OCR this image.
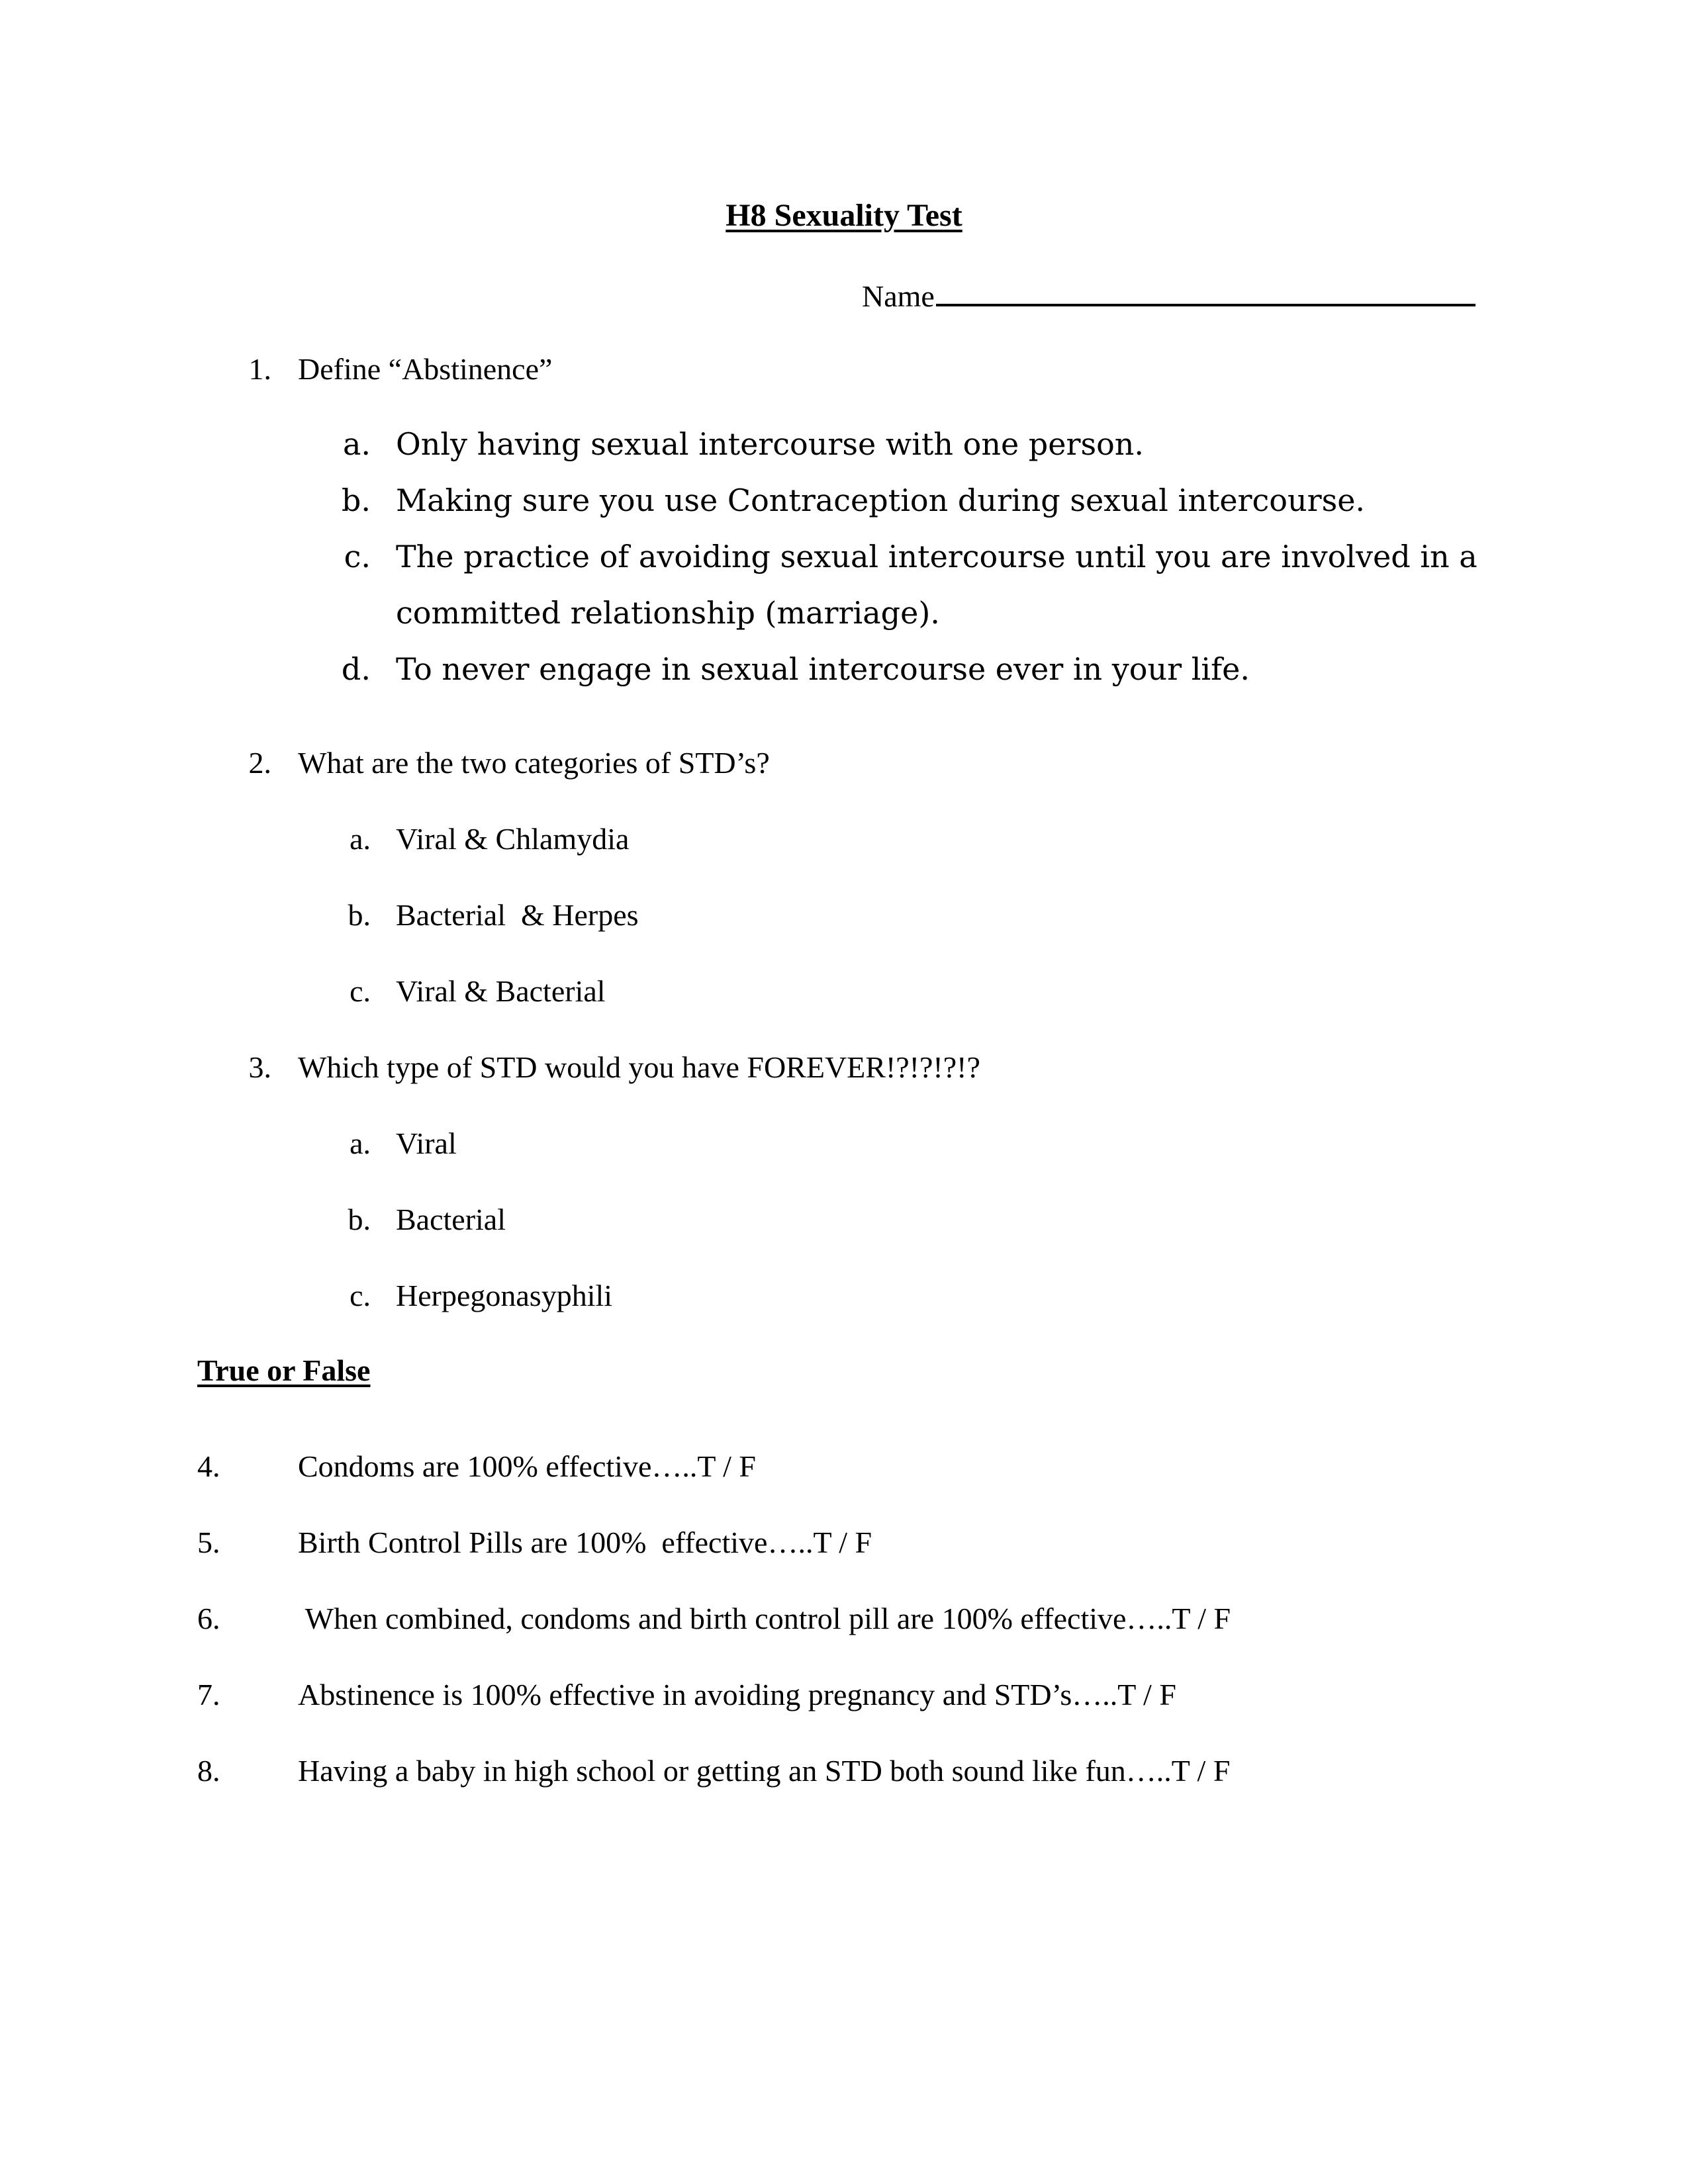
H8 Sexuality Test
Name
1. Define “Abstinence”
a. Only having sexual intercourse with one person.
b. Making sure you use Contraception during sexual intercourse.
c. The practice of avoiding sexual intercourse until you are involved in a
committed relationship (marriage).
d. To never engage in sexual intercourse ever in your life.
2. What are the two categories of STD’s?
a. Viral & Chlamydia
b. Bacterial  & Herpes
c. Viral & Bacterial
3. Which type of STD would you have FOREVER!?!?!?!?
a. Viral
b. Bacterial
c. Herpegonasyphili
True or False
4.	Condoms are 100% effective…..T / F
5.	Birth Control Pills are 100%  effective…..T / F
6.	When combined, condoms and birth control pill are 100% effective…..T / F
7.	Abstinence is 100% effective in avoiding pregnancy and STD’s…..T / F
8.	Having a baby in high school or getting an STD both sound like fun…..T / F
